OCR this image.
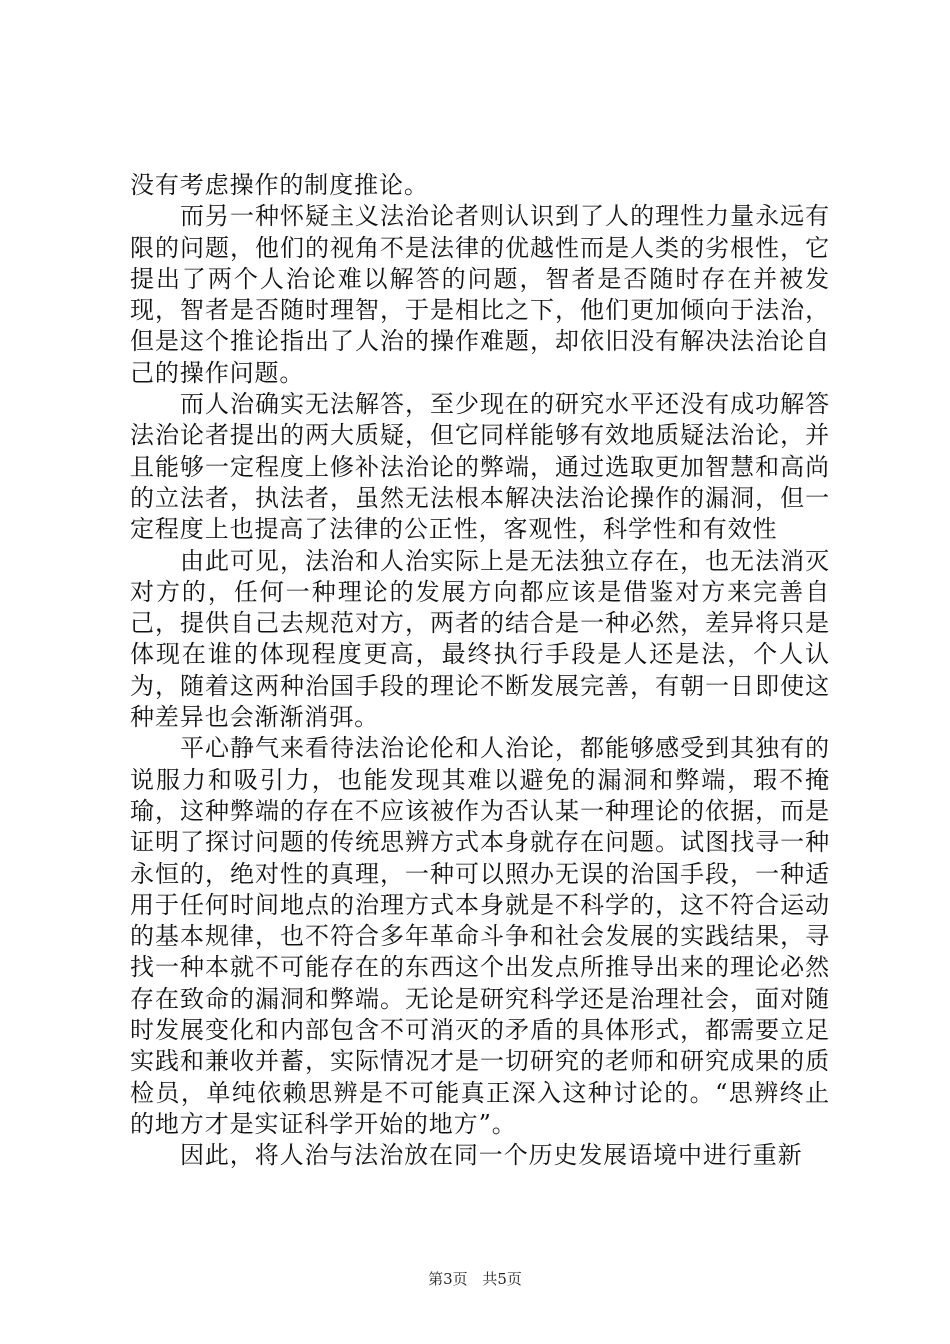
没有考虑操作的制度推论。

而另一种怀疑主义法治论者则认识到了人的理性力量永远有限的问题，他们的视角不是法律的优越性而是人类的劣根性，它提出了两个人治论难以解答的问题，智者是否随时存在并被发现，智者是否随时理智，于是相比之下，他们更加倾向于法治，但是这个推论指出了人治的操作难题，却依旧没有解决法治论自己的操作问题。

而人治确实无法解答，至少现在的研究水平还没有成功解答法治论者提出的两大质疑，但它同样能够有效地质疑法治论，并且能够一定程度上修补法治论的弊端，通过选取更加智慧和高尚的立法者，执法者，虽然无法根本解决法治论操作的漏洞，但一定程度上也提高了法律的公正性，客观性，科学性和有效性

由此可见，法治和人治实际上是无法独立存在，也无法消灭对方的，任何一种理论的发展方向都应该是借鉴对方来完善自己，提供自己去规范对方，两者的结合是一种必然，差异将只是体现在谁的体现程度更高，最终执行手段是人还是法，个人认为，随着这两种治国手段的理论不断发展完善，有朝一日即使这种差异也会渐渐消弭。

平心静气来看待法治论伦和人治论，都能够感受到其独有的说服力和吸引力，也能发现其难以避免的漏洞和弊端，瑕不掩瑜，这种弊端的存在不应该被作为否认某一种理论的依据，而是证明了探讨问题的传统思辨方式本身就存在问题。试图找寻一种永恒的，绝对性的真理，一种可以照办无误的治国手段，一种适用于任何时间地点的治理方式本身就是不科学的，这不符合运动的基本规律，也不符合多年革命斗争和社会发展的实践结果，寻找一种本就不可能存在的东西这个出发点所推导出来的理论必然存在致命的漏洞和弊端。无论是研究科学还是治理社会，面对随时发展变化和内部包含不可消灭的矛盾的具体形式，都需要立足实践和兼收并蓄，实际情况才是一切研究的老师和研究成果的质检员，单纯依赖思辨是不可能真正深入这种讨论的。“思辨终止的地方才是实证科学开始的地方”。

因此，将人治与法治放在同一个历史发展语境中进行重新

第3页 共5页
